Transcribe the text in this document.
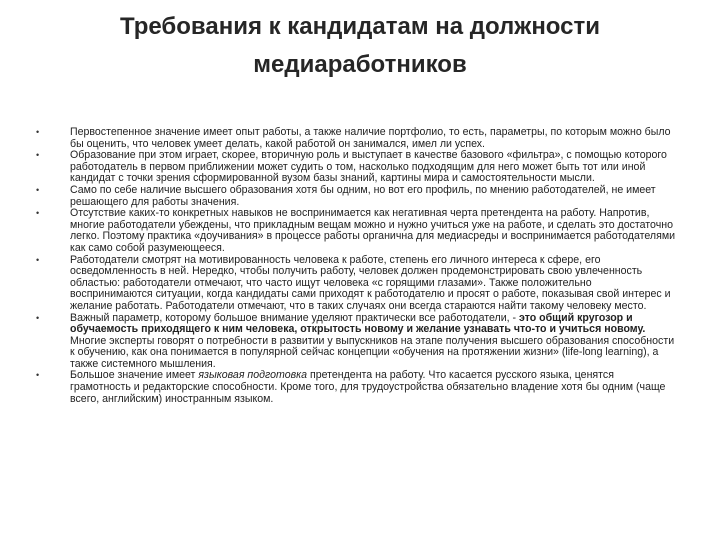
Требования к кандидатам на должности
медиаработников
•	Первостепенное значение имеет опыт работы, а также наличие портфолио, то есть, параметры, по которым можно было бы оценить, что человек умеет делать, какой работой он занимался, имел ли успех.
•	Образование при этом играет, скорее, вторичную роль и выступает в качестве базового «фильтра», с помощью которого работодатель в первом приближении может судить о том, насколько подходящим для него может быть тот или иной кандидат с точки зрения сформированной вузом базы знаний, картины мира и самостоятельности мысли.
•	Само по себе наличие высшего образования хотя бы одним, но вот его профиль, по мнению работодателей, не имеет решающего для работы значения.
•	Отсутствие каких-то конкретных навыков не воспринимается как негативная черта претендента на работу. Напротив, многие работодатели убеждены, что прикладным вещам можно и нужно учиться уже на работе, и сделать это достаточно легко. Поэтому практика «доучивания» в процессе работы органична для медиасреды и воспринимается работодателями как само собой разумеющееся.
•	Работодатели смотрят на мотивированность человека к работе, степень его личного интереса к сфере, его осведомленность в ней. Нередко, чтобы получить работу, человек должен продемонстрировать свою увлеченность областью: работодатели отмечают, что часто ищут человека «с горящими глазами». Также положительно воспринимаются ситуации, когда кандидаты сами приходят к работодателю и просят о работе, показывая свой интерес и желание работать. Работодатели отмечают, что в таких случаях они всегда стараются найти такому человеку место.
•	Важный параметр, которому большое внимание уделяют практически все работодатели, - это общий кругозор и обучаемость приходящего к ним человека, открытость новому и желание узнавать что-то и учиться новому. Многие эксперты говорят о потребности в развитии у выпускников на этапе получения высшего образования способности к обучению, как она понимается в популярной сейчас концепции «обучения на протяжении жизни» (life-long learning), а также системного мышления.
•	Большое значение имеет языковая подготовка претендента на работу. Что касается русского языка, ценятся грамотность и редакторские способности. Кроме того, для трудоустройства обязательно владение хотя бы одним (чаще всего, английским) иностранным языком.
